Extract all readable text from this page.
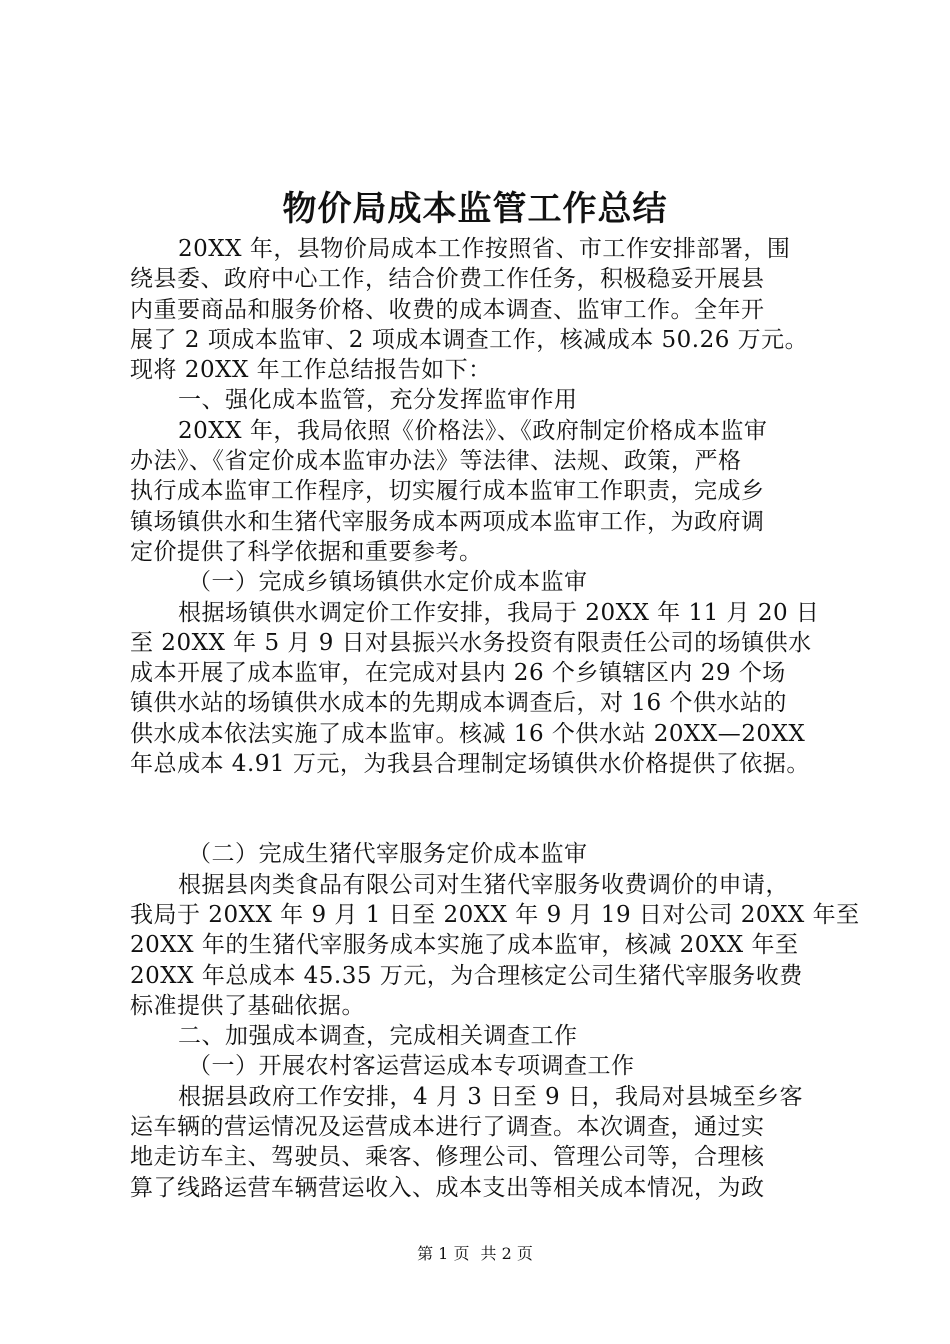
物价局成本监管工作总结
20XX 年，县物价局成本工作按照省、市工作安排部署，围
绕县委、政府中心工作，结合价费工作任务，积极稳妥开展县
内重要商品和服务价格、收费的成本调查、监审工作。全年开
展了 2 项成本监审、2 项成本调查工作，核减成本 50.26 万元。
现将 20XX 年工作总结报告如下：
一、强化成本监管，充分发挥监审作用
20XX 年，我局依照《价格法》、《政府制定价格成本监审
办法》、《省定价成本监审办法》等法律、法规、政策，严格
执行成本监审工作程序，切实履行成本监审工作职责，完成乡
镇场镇供水和生猪代宰服务成本两项成本监审工作，为政府调
定价提供了科学依据和重要参考。
（一）完成乡镇场镇供水定价成本监审
根据场镇供水调定价工作安排，我局于 20XX 年 11 月 20 日
至 20XX 年 5 月 9 日对县振兴水务投资有限责任公司的场镇供水
成本开展了成本监审，在完成对县内 26 个乡镇辖区内 29 个场
镇供水站的场镇供水成本的先期成本调查后，对 16 个供水站的
供水成本依法实施了成本监审。核减 16 个供水站 20XX—20XX
年总成本 4.91 万元，为我县合理制定场镇供水价格提供了依据。
（二）完成生猪代宰服务定价成本监审
根据县肉类食品有限公司对生猪代宰服务收费调价的申请，
我局于 20XX 年 9 月 1 日至 20XX 年 9 月 19 日对公司 20XX 年至
20XX 年的生猪代宰服务成本实施了成本监审，核减 20XX 年至
20XX 年总成本 45.35 万元，为合理核定公司生猪代宰服务收费
标准提供了基础依据。
二、加强成本调查，完成相关调查工作
（一）开展农村客运营运成本专项调查工作
根据县政府工作安排，4 月 3 日至 9 日，我局对县城至乡客
运车辆的营运情况及运营成本进行了调查。本次调查，通过实
地走访车主、驾驶员、乘客、修理公司、管理公司等，合理核
算了线路运营车辆营运收入、成本支出等相关成本情况，为政
第 1 页 共 2 页
